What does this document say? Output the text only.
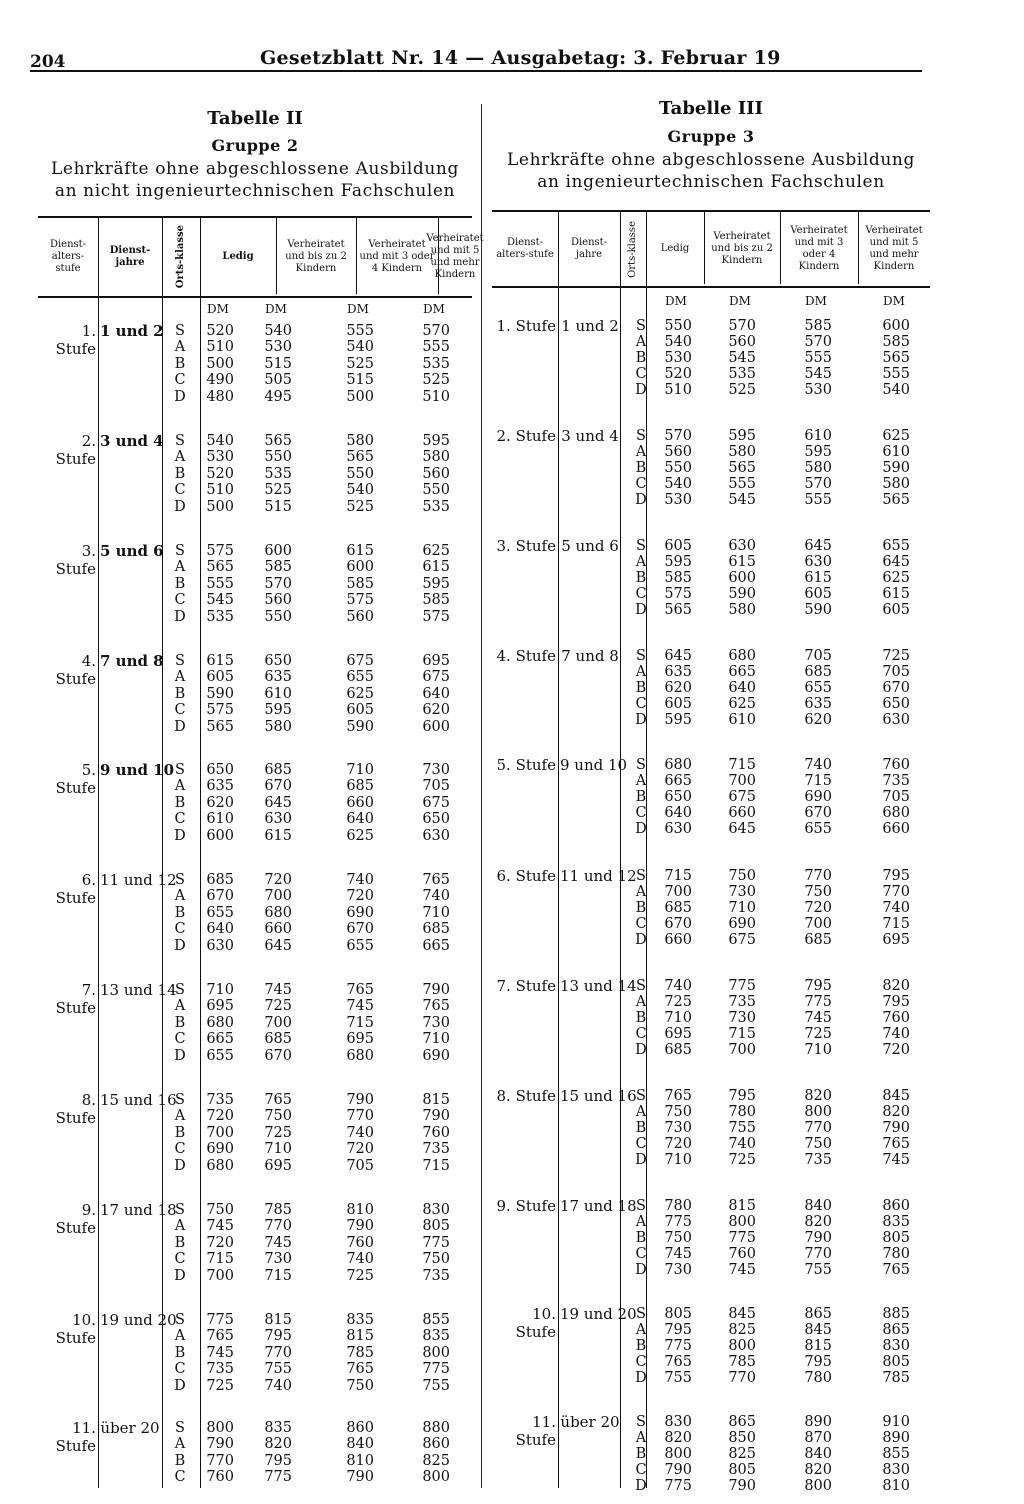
204	Gesetzblatt Nr. 14 — Ausgabetag: 3. Februar 19
Tabelle II
Gruppe 2
Lehrkräfte ohne abgeschlossene Ausbildung
an nicht ingenieurtechnischen Fachschulen
Dienst-alters-stufe
Dienst-jahre	Orts-klasse	Ledig
Verheiratet und bis zu 2 Kindern
Verheiratet und mit 3 oder 4 Kindern
Verheiratet und mit 5 und mehr Kindern
DM	DM	DM	DM
1. Stufe
1 und 2 S	520	540	555	570
A	510	530	540	555
B	500	515	525	535
C	490	505	515	525
D	480	495	500	510
2. Stufe
3 und 4 S	540	565	580	595
A	530	550	565	580
B	520	535	550	560
C	510	525	540	550
D	500	515	525	535
3. Stufe
5 und 6 S	575	600	615	625
A	565	585	600	615
B	555	570	585	595
C	545	560	575	585
D	535	550	560	575
4. Stufe
7 und 8 S	615	650	675	695
A	605	635	655	675
B	590	610	625	640
C	575	595	605	620
D	565	580	590	600
5. Stufe
9 und 10 S	650	685	710	730
A	635	670	685	705
B	620	645	660	675
C	610	630	640	650
D	600	615	625	630
6. Stufe
11 und 12
S	685	720	740	765
A	670	700	720	740
B	655	680	690	710
C	640	660	670	685
D	630	645	655	665
7. Stufe
13 und 14
S	710	745	765	790
A	695	725	745	765
B	680	700	715	730
C	665	685	695	710
D	655	670	680	690
8. Stufe
15 und 16
S	735	765	790	815
A	720	750	770	790
B	700	725	740	760
C	690	710	720	735
D	680	695	705	715
9. Stufe
17 und 18
S	750	785	810	830
A	745	770	790	805
B	720	745	760	775
C	715	730	740	750
D	700	715	725	735
10. Stufe
19 und 20
S	775	815	835	855
A	765	795	815	835
B	745	770	785	800
C	735	755	765	775
D	725	740	750	755
11. Stufe
über 20	S	800	835	860	880
A	790	820	840	860
B	770	795	810	825
C	760	775	790	800
Tabelle III
Gruppe 3
Lehrkräfte ohne abgeschlossene Ausbildung
an ingenieurtechnischen Fachschulen
Dienst-alters-stufe
Dienst-jahre	Orts-klasse	Ledig
Verheiratet und bis zu 2 Kindern
Verheiratet und mit 3 oder 4 Kindern
Verheiratet und mit 5 und mehr Kindern
DM	DM	DM	DM
1. Stufe 1 und 2	S	550	570	585	600
A	540	560	570	585
B	530	545	555	565
C	520	535	545	555
D	510	525	530	540
2. Stufe 3 und 4	S	570	595	610	625
A	560	580	595	610
B	550	565	580	590
C	540	555	570	580
D	530	545	555	565
3. Stufe 5 und 6	S	605	630	645	655
A	595	615	630	645
B	585	600	615	625
C	575	590	605	615
D	565	580	590	605
4. Stufe 7 und 8	S	645	680	705	725
A	635	665	685	705
B	620	640	655	670
C	605	625	635	650
D	595	610	620	630
5. Stufe 9 und 10 S	680	715	740	760
A	665	700	715	735
B	650	675	690	705
C	640	660	670	680
D	630	645	655	660
6. Stufe 11 und 12 S	715	750	770	795
A	700	730	750	770
B	685	710	720	740
C	670	690	700	715
D	660	675	685	695
7. Stufe 13 und 14 S	740	775	795	820
A	725	735	775	795
B	710	730	745	760
C	695	715	725	740
D	685	700	710	720
8. Stufe 15 und 16 S	765	795	820	845
A	750	780	800	820
B	730	755	770	790
C	720	740	750	765
D	710	725	735	745
9. Stufe 17 und 18 S	780	815	840	860
A	775	800	820	835
B	750	775	790	805
C	745	760	770	780
D	730	745	755	765
10. Stufe
19 und 20 S	805	845	865	885
A	795	825	845	865
B	775	800	815	830
C	765	785	795	805
D	755	770	780	785
11. Stufe
über 20	S	830	865	890	910
A	820	850	870	890
B	800	825	840	855
C	790	805	820	830
D	775	790	800	810
